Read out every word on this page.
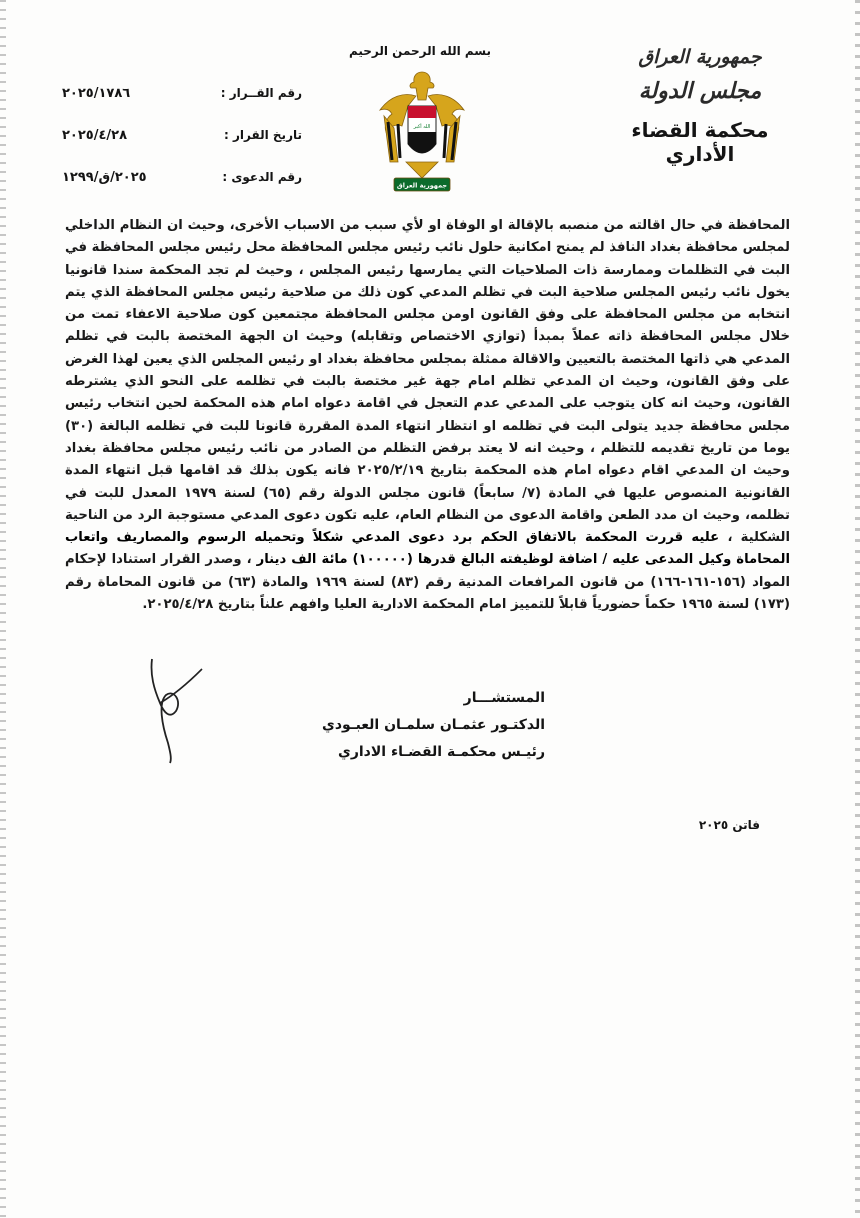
بسم الله الرحمن الرحيم	جمهورية العراق
مجلس الدولة
محكمة القضاء الأداري
الله أكبر
جمهورية العراق
رقم القــرار :
٢٠٢٥/١٧٨٦
تاريخ القرار :
٢٠٢٥/٤/٢٨
رقم الدعوى :
٢٠٢٥/ق/١٢٩٩

المحافظة في حال اقالته من منصبه بالإقالة او الوفاة او لأي سبب من الاسباب الأخرى، وحيث ان النظام الداخلي لمجلس محافظة بغداد النافذ لم يمنح امكانية حلول نائب رئيس مجلس المحافظة محل رئيس مجلس المحافظة في البت في التظلمات وممارسة ذات الصلاحيات التي يمارسها رئيس المجلس ، وحيث لم تجد المحكمة سندا قانونيا يخول نائب رئيس المجلس صلاحية البت في تظلم المدعي كون ذلك من صلاحية رئيس مجلس المحافظة الذي يتم انتخابه من مجلس المحافظة على وفق القانون اومن مجلس المحافظة مجتمعين كون صلاحية الاعفاء تمت من خلال مجلس المحافظة ذاته عملاً بمبدأ (توازي الاختصاص وتقابله) وحيث ان الجهة المختصة بالبت في تظلم المدعي هي ذاتها المختصة بالتعيين والاقالة ممثلة بمجلس محافظة بغداد او رئيس المجلس الذي يعين لهذا الغرض على وفق القانون، وحيث ان المدعي تظلم امام جهة غير مختصة بالبت في تظلمه على النحو الذي يشترطه القانون، وحيث انه كان يتوجب على المدعي عدم التعجل في اقامة دعواه امام هذه المحكمة لحين انتخاب رئيس مجلس محافظة جديد يتولى البت في تظلمه او انتظار انتهاء المدة المقررة قانونا للبت في تظلمه البالغة (٣٠) يوما من تاريخ تقديمه للتظلم ، وحيث انه لا يعتد برفض التظلم من الصادر من نائب رئيس مجلس محافظة بغداد وحيث ان المدعي اقام دعواه امام هذه المحكمة بتاريخ ٢٠٢٥/٢/١٩ فانه يكون بذلك قد اقامها قبل انتهاء المدة القانونية المنصوص عليها في المادة (٧/ سابعاً) قانون مجلس الدولة رقم (٦٥) لسنة ١٩٧٩ المعدل للبت في تظلمه، وحيث ان مدد الطعن واقامة الدعوى من النظام العام، عليه تكون دعوى المدعي مستوجبة الرد من الناحية الشكلية ، عليه قررت المحكمة بالاتفاق الحكم برد دعوى المدعي شكلاً وتحميله الرسوم والمصاريف واتعاب المحاماة وكيل المدعى عليه / اضافة لوظيفته البالغ قدرها (١٠٠٠٠٠) مائة الف دينار ، وصدر القرار استنادا لإحكام المواد (١٥٦-١٦١-١٦٦) من قانون المرافعات المدنية رقم (٨٣) لسنة ١٩٦٩ والمادة (٦٣) من قانون المحاماة رقم (١٧٣) لسنة ١٩٦٥ حكماً حضورياً قابلاً للتمييز امام المحكمة الادارية العليا وافهم علناً بتاريخ ٢٠٢٥/٤/٢٨.

المستشـــار
الدكتـور عثمـان سلمـان العبـودي
رئيـس محكمـة القضـاء الاداري
فاتن ٢٠٢٥
